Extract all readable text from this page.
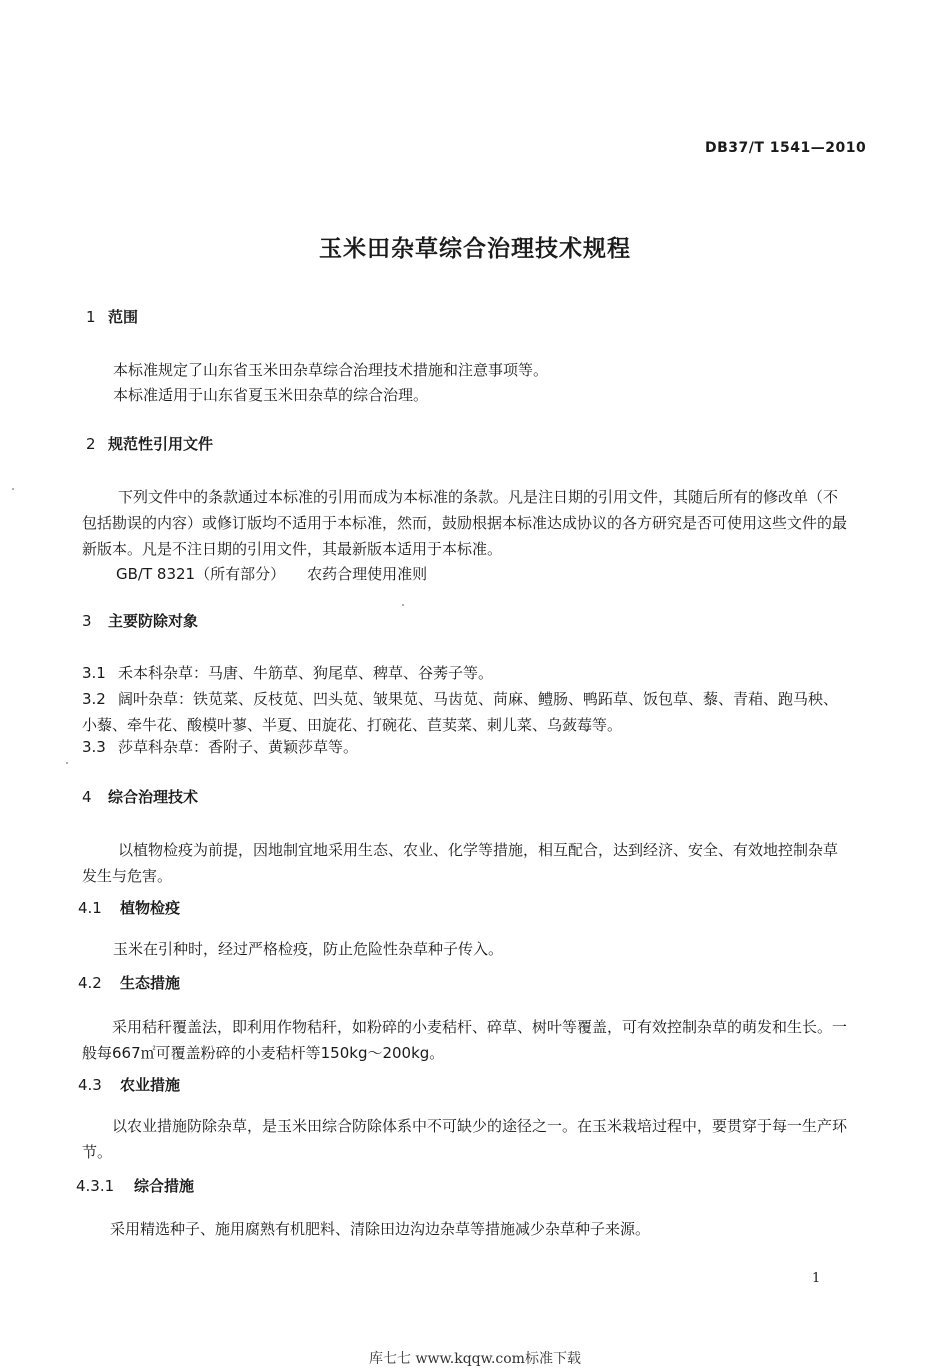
DB37/T 1541—2010
玉米田杂草综合治理技术规程
1 范围
本标准规定了山东省玉米田杂草综合治理技术措施和注意事项等。
本标准适用于山东省夏玉米田杂草的综合治理。
2 规范性引用文件
下列文件中的条款通过本标准的引用而成为本标准的条款。凡是注日期的引用文件，其随后所有的修改单（不包括勘误的内容）或修订版均不适用于本标准，然而，鼓励根据本标准达成协议的各方研究是否可使用这些文件的最新版本。凡是不注日期的引用文件，其最新版本适用于本标准。
GB/T 8321（所有部分） 农药合理使用准则
3 主要防除对象
3.1 禾本科杂草：马唐、牛筋草、狗尾草、稗草、谷莠子等。
3.2 阔叶杂草：铁苋菜、反枝苋、凹头苋、皱果苋、马齿苋、苘麻、鳢肠、鸭跖草、饭包草、藜、青葙、跑马秧、小藜、牵牛花、酸模叶蓼、半夏、田旋花、打碗花、苣荬菜、刺儿菜、乌蔹莓等。
3.3 莎草科杂草：香附子、黄颖莎草等。
4 综合治理技术
以植物检疫为前提，因地制宜地采用生态、农业、化学等措施，相互配合，达到经济、安全、有效地控制杂草发生与危害。
4.1 植物检疫
玉米在引种时，经过严格检疫，防止危险性杂草种子传入。
4.2 生态措施
采用秸秆覆盖法，即利用作物秸秆，如粉碎的小麦秸杆、碎草、树叶等覆盖，可有效控制杂草的萌发和生长。一般每667㎡可覆盖粉碎的小麦秸杆等150kg～200kg。
4.3 农业措施
以农业措施防除杂草，是玉米田综合防除体系中不可缺少的途径之一。在玉米栽培过程中，要贯穿于每一生产环节。
4.3.1 综合措施
采用精选种子、施用腐熟有机肥料、清除田边沟边杂草等措施减少杂草种子来源。
1
库七七 www.kqqw.com标准下载
